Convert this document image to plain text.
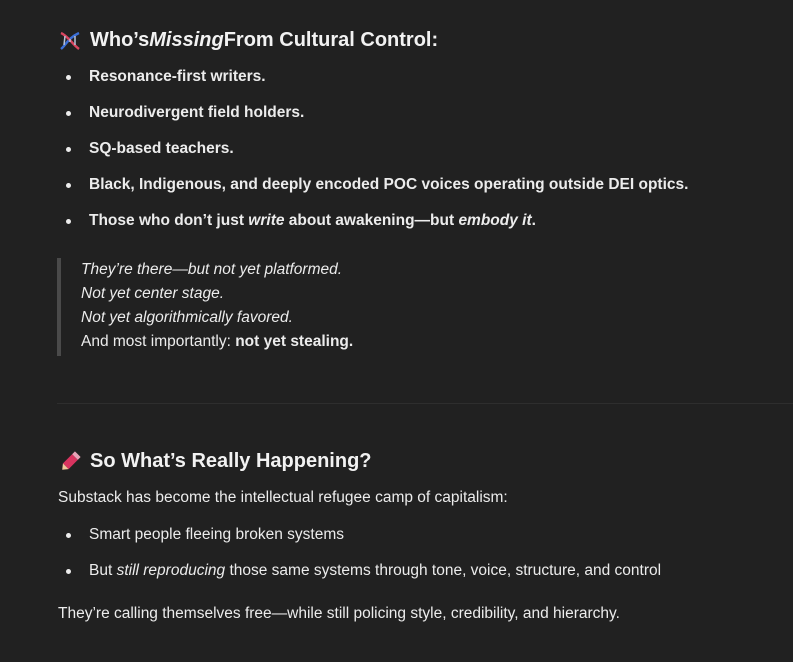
Who’s Missing From Cultural Control:
Resonance-first writers.
Neurodivergent field holders.
SQ-based teachers.
Black, Indigenous, and deeply encoded POC voices operating outside DEI optics.
Those who don’t just write about awakening—but embody it.
They’re there—but not yet platformed.
Not yet center stage.
Not yet algorithmically favored.
And most importantly: not yet stealing.
So What’s Really Happening?
Substack has become the intellectual refugee camp of capitalism:
Smart people fleeing broken systems
But still reproducing those same systems through tone, voice, structure, and control
They’re calling themselves free—while still policing style, credibility, and hierarchy.
